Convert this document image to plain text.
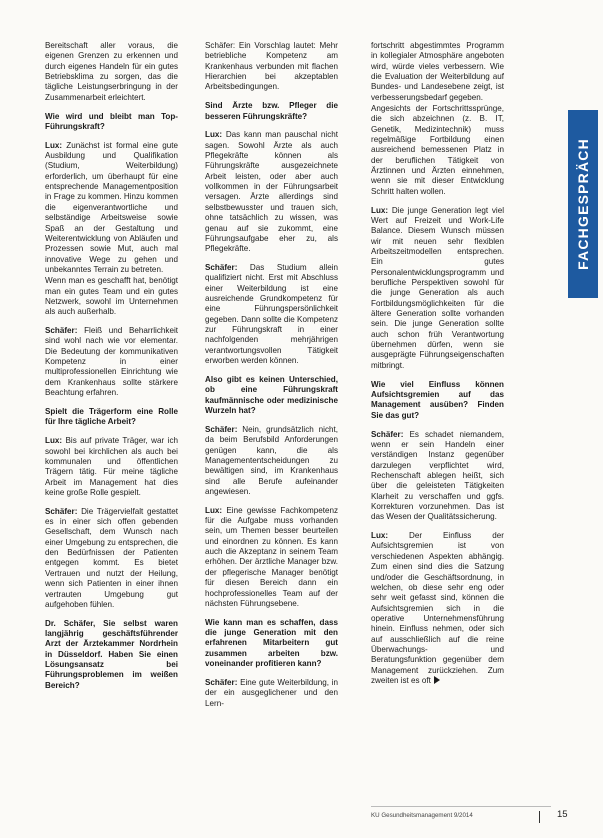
Bereitschaft aller voraus, die eigenen Grenzen zu erkennen und durch eigenes Handeln für ein gutes Betriebsklima zu sorgen, das die tägliche Leistungserbringung in der Zusammenarbeit erleichtert.

Wie wird und bleibt man Top-Führungskraft?

Lux: Zunächst ist formal eine gute Ausbildung und Qualifikation (Studium, Weiterbildung) erforderlich, um überhaupt für eine entsprechende Managementposition in Frage zu kommen. Hinzu kommen die eigenverantwortliche und selbständige Arbeitsweise sowie Spaß an der Gestaltung und Weiterentwicklung von Abläufen und Prozessen sowie Mut, auch mal innovative Wege zu gehen und unbekanntes Terrain zu betreten.

Wenn man es geschafft hat, benötigt man ein gutes Team und ein gutes Netzwerk, sowohl im Unternehmen als auch außerhalb.

Schäfer: Fleiß und Beharrlichkeit sind wohl nach wie vor elementar. Die Bedeutung der kommunikativen Kompetenz in einer multiprofessionellen Einrichtung wie dem Krankenhaus sollte stärkere Beachtung erfahren.

Spielt die Trägerform eine Rolle für Ihre tägliche Arbeit?

Lux: Bis auf private Träger, war ich sowohl bei kirchlichen als auch bei kommunalen und öffentlichen Trägern tätig. Für meine tägliche Arbeit im Management hat dies keine große Rolle gespielt.

Schäfer: Die Trägervielfalt gestattet es in einer sich offen gebenden Gesellschaft, dem Wunsch nach einer Umgebung zu entsprechen, die den Bedürfnissen der Patienten entgegen kommt. Es bietet Vertrauen und nutzt der Heilung, wenn sich Patienten in einer ihnen vertrauten Umgebung gut aufgehoben fühlen.

Dr. Schäfer, Sie selbst waren langjährig geschäftsführender Arzt der Ärztekammer Nordrhein in Düsseldorf. Haben Sie einen Lösungsansatz bei Führungsproblemen im weißen Bereich?

Schäfer: Ein Vorschlag lautet: Mehr betriebliche Kompetenz am Krankenhaus verbunden mit flachen Hierarchien bei akzeptablen Arbeitsbedingungen.

Sind Ärzte bzw. Pfleger die besseren Führungskräfte?

Lux: Das kann man pauschal nicht sagen. Sowohl Ärzte als auch Pflegekräfte können als Führungskräfte ausgezeichnete Arbeit leisten, oder aber auch vollkommen in der Führungsarbeit versagen. Ärzte allerdings sind selbstbewusster und trauen sich, ohne tatsächlich zu wissen, was genau auf sie zukommt, eine Führungsaufgabe eher zu, als Pflegekräfte.

Schäfer: Das Studium allein qualifiziert nicht. Erst mit Abschluss einer Weiterbildung ist eine ausreichende Grundkompetenz für eine Führungspersönlichkeit gegeben. Dann sollte die Kompetenz zur Führungskraft in einer nachfolgenden mehrjährigen verantwortungsvollen Tätigkeit erworben werden können.

Also gibt es keinen Unterschied, ob eine Führungskraft kaufmännische oder medizinische Wurzeln hat?

Schäfer: Nein, grundsätzlich nicht, da beim Berufsbild Anforderungen genügen kann, die als Managemententscheidungen zu bewältigen sind, im Krankenhaus sind alle Berufe aufeinander angewiesen.

Lux: Eine gewisse Fachkompetenz für die Aufgabe muss vorhanden sein, um Themen besser beurteilen und einordnen zu können. Es kann auch die Akzeptanz in seinem Team erhöhen. Der ärztliche Manager bzw. der pflegerische Manager benötigt für diesen Bereich dann ein hochprofessionelles Team auf der nächsten Führungsebene.

Wie kann man es schaffen, dass die junge Generation mit den erfahrenen Mitarbeitern gut zusammen arbeiten bzw. voneinander profitieren kann?

Schäfer: Eine gute Weiterbildung, in der ein ausgeglichener und den Lern-

fortschritt abgestimmtes Programm in kollegialer Atmosphäre angeboten wird, würde vieles verbessern. Wie die Evaluation der Weiterbildung auf Bundes- und Landesebene zeigt, ist verbesserungsbedarf gegeben.

Angesichts der Fortschrittssprünge, die sich abzeichnen (z. B. IT, Genetik, Medizintechnik) muss regelmäßige Fortbildung einen ausreichend bemessenen Platz in der beruflichen Tätigkeit von Ärztinnen und Ärzten einnehmen, wenn sie mit dieser Entwicklung Schritt halten wollen.

Lux: Die junge Generation legt viel Wert auf Freizeit und Work-Life Balance. Diesem Wunsch müssen wir mit neuen sehr flexiblen Arbeitszeitmodellen entsprechen. Ein gutes Personalentwicklungsprogramm und berufliche Perspektiven sowohl für die junge Generation als auch Fortbildungsmöglichkeiten für die ältere Generation sollte vorhanden sein. Die junge Generation sollte auch schon früh Verantwortung übernehmen dürfen, wenn sie ausgeprägte Führungseigenschaften mitbringt.

Wie viel Einfluss können Aufsichtsgremien auf das Management ausüben? Finden Sie das gut?

Schäfer: Es schadet niemandem, wenn er sein Handeln einer verständigen Instanz gegenüber darzulegen verpflichtet wird, Rechenschaft ablegen heißt, sich über die geleisteten Tätigkeiten Klarheit zu verschaffen und ggfs. Korrekturen vorzunehmen. Das ist das Wesen der Qualitätssicherung.

Lux: Der Einfluss der Aufsichtsgremien ist von verschiedenen Aspekten abhängig. Zum einen sind dies die Satzung und/oder die Geschäftsordnung, in welchen, ob diese sehr eng oder sehr weit gefasst sind, können die Aufsichtsgremien sich in die operative Unternehmensführung hinein. Einfluss nehmen, oder sich auf ausschließlich auf die reine Überwachungs- und Beratungsfunktion gegenüber dem Management zurückziehen. Zum zweiten ist es oft

FACHGESPRÄCH
KU Gesundheitsmanagement 9/2014	15
